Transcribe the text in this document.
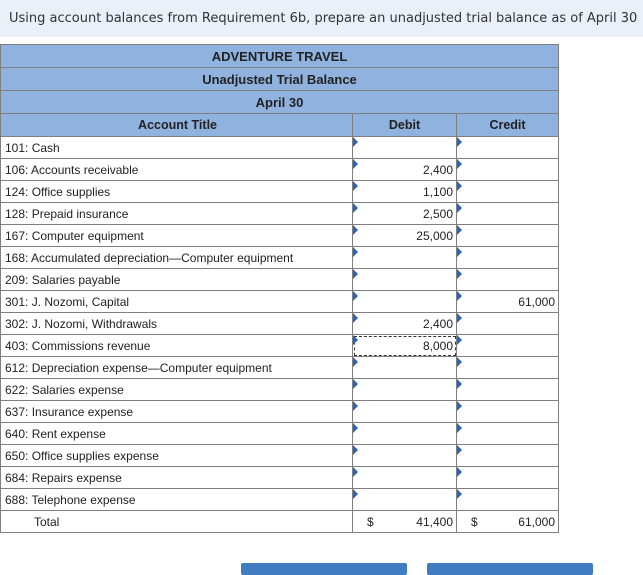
Using account balances from Requirement 6b, prepare an unadjusted trial balance as of April 30
ADVENTURE TRAVEL		
Unadjusted Trial Balance		
April 30		
Account Title	Debit	Credit
101: Cash		
106: Accounts receivable	2,400	
124: Office supplies	1,100	
128: Prepaid insurance	2,500	
167: Computer equipment	25,000	
168: Accumulated depreciation—Computer equipment		
209: Salaries payable		
301: J. Nozomi, Capital		61,000
302: J. Nozomi, Withdrawals	2,400	
403: Commissions revenue	8,000	
612: Depreciation expense—Computer equipment		
622: Salaries expense		
637: Insurance expense		
640: Rent expense		
650: Office supplies expense		
684: Repairs expense		
688: Telephone expense		
Total	$ 41,400	$ 61,000
